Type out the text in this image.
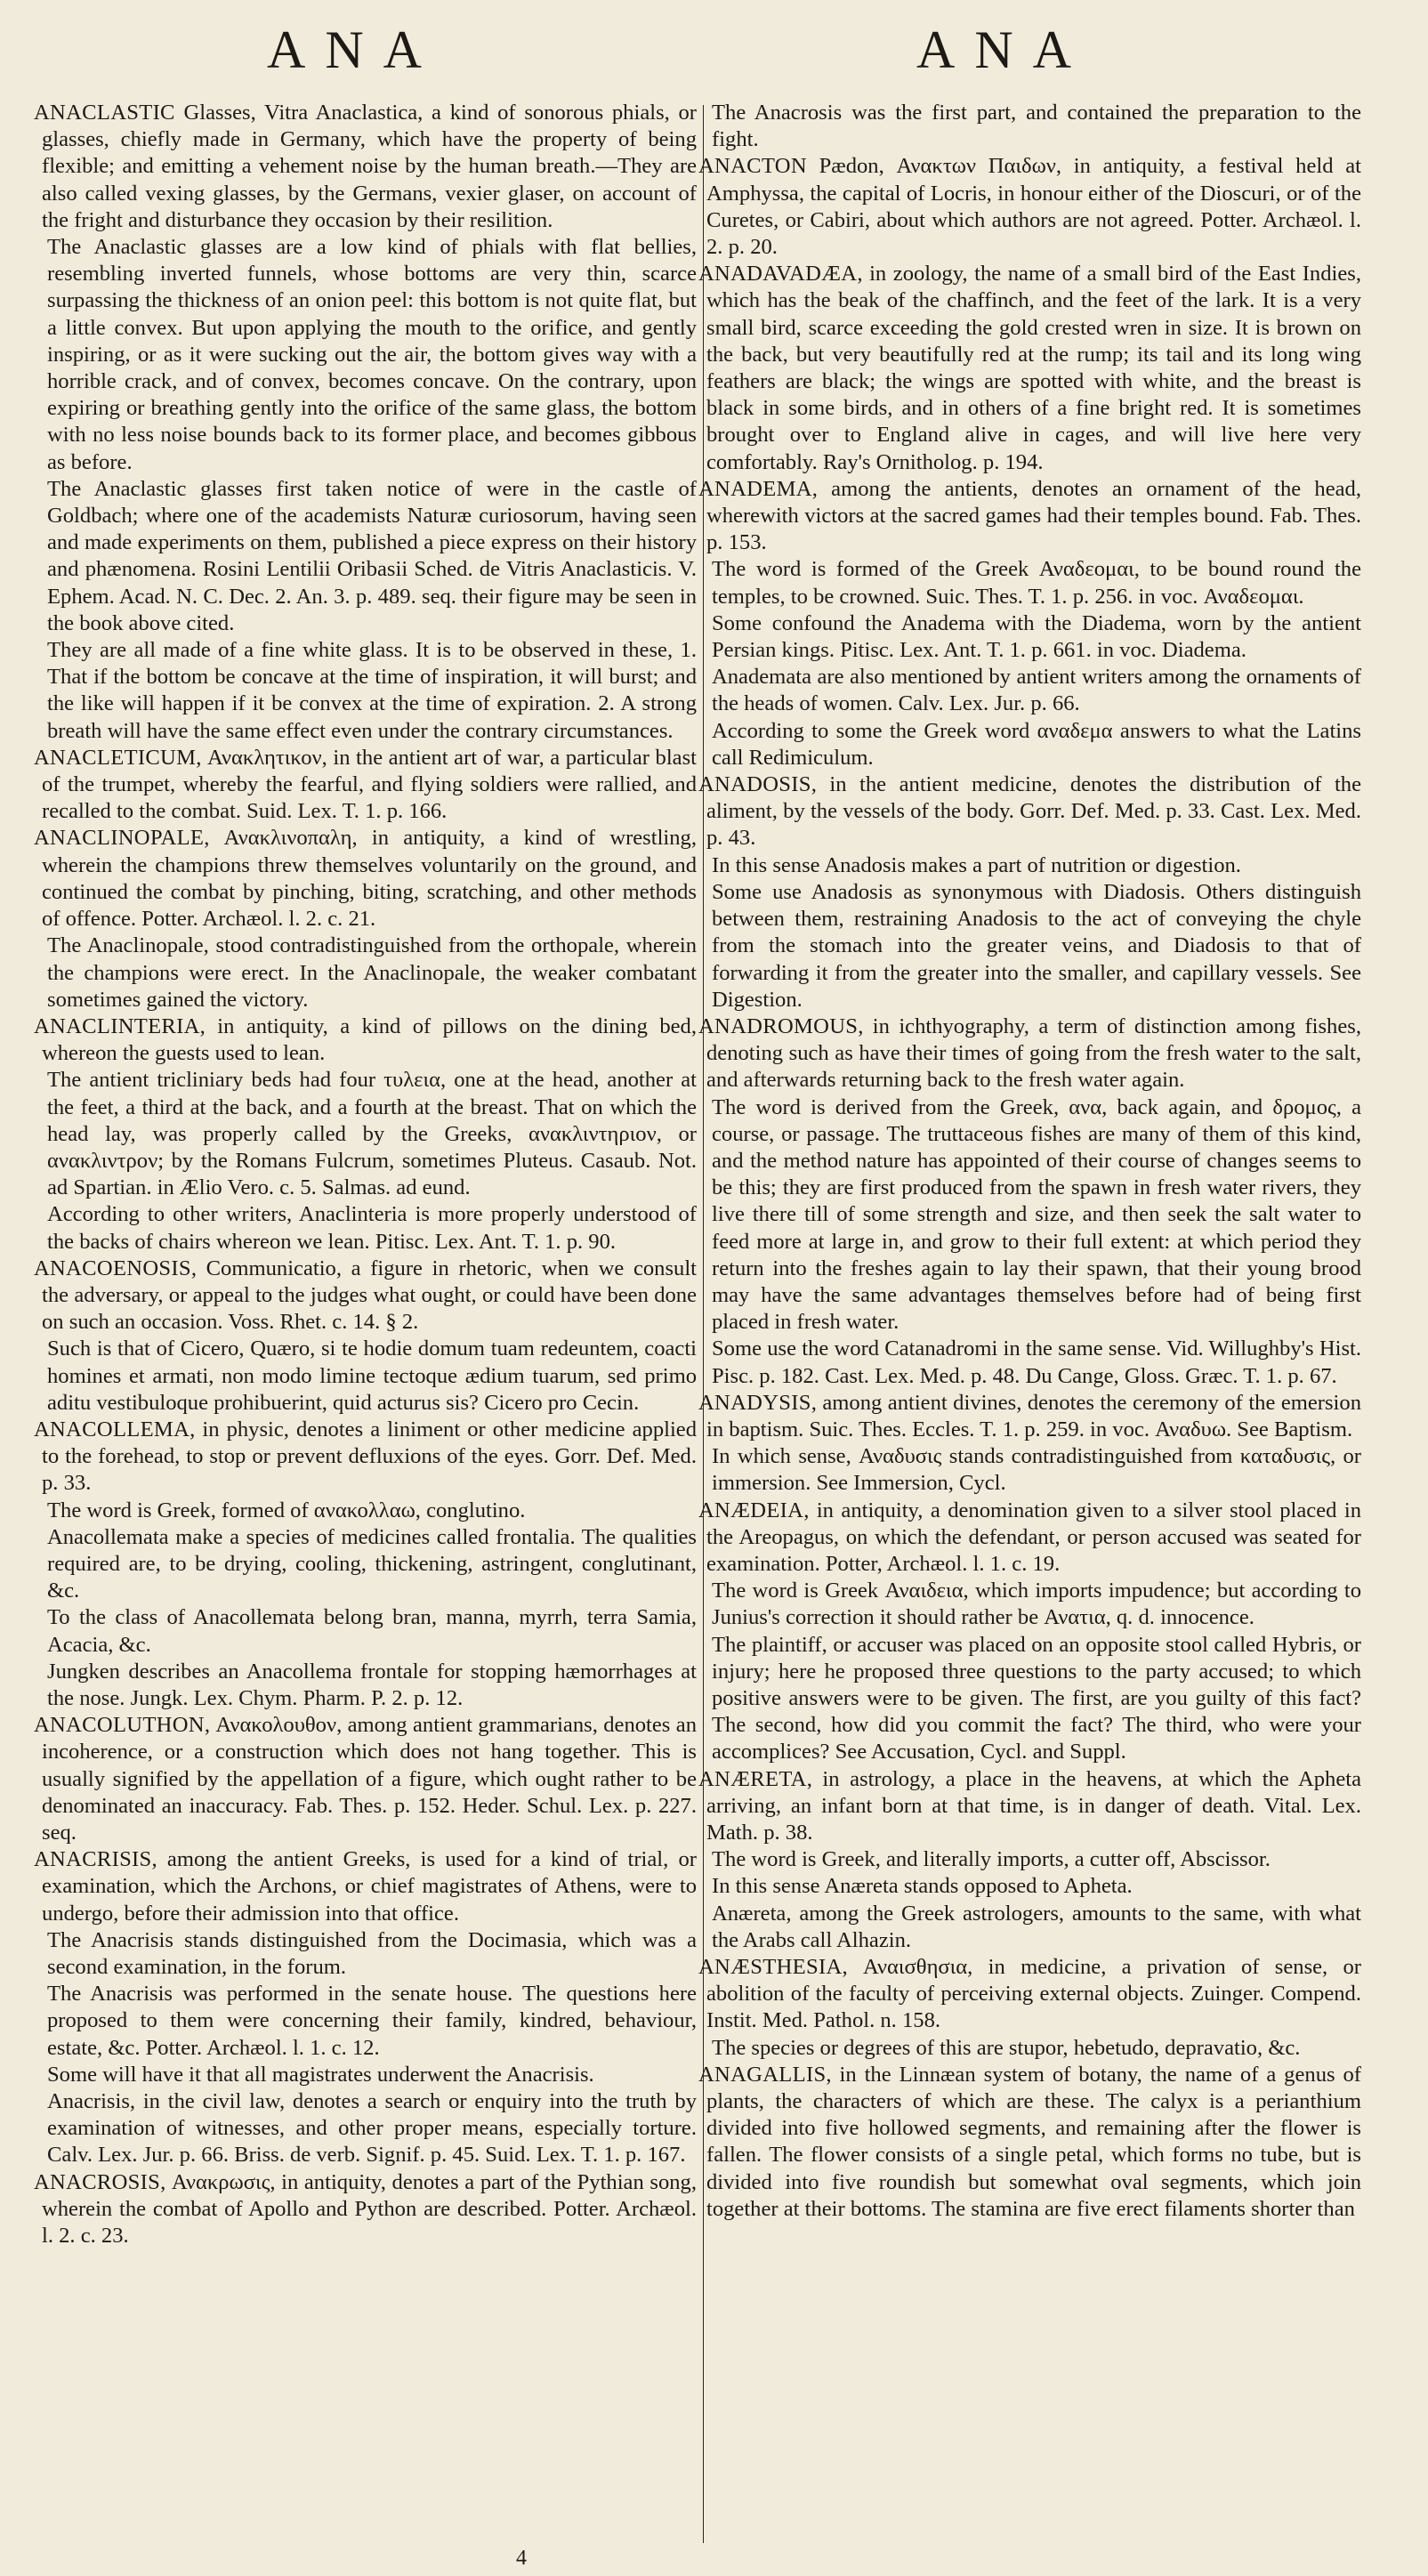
ANA	ANA

ANACLASTIC Glasses, Vitra Anaclastica, a kind of sonorous phials, or glasses, chiefly made in Germany, which have the property of being flexible; and emitting a vehement noise by the human breath.—They are also called vexing glasses, by the Germans, vexier glaser, on account of the fright and disturbance they occasion by their resilition.

The Anaclastic glasses are a low kind of phials with flat bellies, resembling inverted funnels, whose bottoms are very thin, scarce surpassing the thickness of an onion peel: this bottom is not quite flat, but a little convex. But upon applying the mouth to the orifice, and gently inspiring, or as it were sucking out the air, the bottom gives way with a horrible crack, and of convex, becomes concave. On the contrary, upon expiring or breathing gently into the orifice of the same glass, the bottom with no less noise bounds back to its former place, and becomes gibbous as before.

The Anaclastic glasses first taken notice of were in the castle of Goldbach; where one of the academists Naturæ curiosorum, having seen and made experiments on them, published a piece express on their history and phænomena. Rosini Lentilii Oribasii Sched. de Vitris Anaclasticis. V. Ephem. Acad. N. C. Dec. 2. An. 3. p. 489. seq. their figure may be seen in the book above cited.

They are all made of a fine white glass. It is to be observed in these, 1. That if the bottom be concave at the time of inspiration, it will burst; and the like will happen if it be convex at the time of expiration. 2. A strong breath will have the same effect even under the contrary circumstances.

ANACLETICUM, Ανακλητικον, in the antient art of war, a particular blast of the trumpet, whereby the fearful, and flying soldiers were rallied, and recalled to the combat. Suid. Lex. T. 1. p. 166.

ANACLINOPALE, Ανακλινοπαλη, in antiquity, a kind of wrestling, wherein the champions threw themselves voluntarily on the ground, and continued the combat by pinching, biting, scratching, and other methods of offence. Potter. Archæol. l. 2. c. 21.

The Anaclinopale, stood contradistinguished from the orthopale, wherein the champions were erect. In the Anaclinopale, the weaker combatant sometimes gained the victory.

ANACLINTERIA, in antiquity, a kind of pillows on the dining bed, whereon the guests used to lean.

The antient tricliniary beds had four τυλεια, one at the head, another at the feet, a third at the back, and a fourth at the breast. That on which the head lay, was properly called by the Greeks, ανακλιντηριον, or ανακλιντρον; by the Romans Fulcrum, sometimes Pluteus. Casaub. Not. ad Spartian. in Ælio Vero. c. 5. Salmas. ad eund.

According to other writers, Anaclinteria is more properly understood of the backs of chairs whereon we lean. Pitisc. Lex. Ant. T. 1. p. 90.

ANACOENOSIS, Communicatio, a figure in rhetoric, when we consult the adversary, or appeal to the judges what ought, or could have been done on such an occasion. Voss. Rhet. c. 14. § 2.

Such is that of Cicero, Quæro, si te hodie domum tuam redeuntem, coacti homines et armati, non modo limine tectoque ædium tuarum, sed primo aditu vestibuloque prohibuerint, quid acturus sis? Cicero pro Cecin.

ANACOLLEMA, in physic, denotes a liniment or other medicine applied to the forehead, to stop or prevent defluxions of the eyes. Gorr. Def. Med. p. 33.

The word is Greek, formed of ανακολλαω, conglutino.

Anacollemata make a species of medicines called frontalia. The qualities required are, to be drying, cooling, thickening, astringent, conglutinant, &c.

To the class of Anacollemata belong bran, manna, myrrh, terra Samia, Acacia, &c.

Jungken describes an Anacollema frontale for stopping hæmorrhages at the nose. Jungk. Lex. Chym. Pharm. P. 2. p. 12.

ANACOLUTHON, Ανακολουθον, among antient grammarians, denotes an incoherence, or a construction which does not hang together. This is usually signified by the appellation of a figure, which ought rather to be denominated an inaccuracy. Fab. Thes. p. 152. Heder. Schul. Lex. p. 227. seq.

ANACRISIS, among the antient Greeks, is used for a kind of trial, or examination, which the Archons, or chief magistrates of Athens, were to undergo, before their admission into that office.

The Anacrisis stands distinguished from the Docimasia, which was a second examination, in the forum.

The Anacrisis was performed in the senate house. The questions here proposed to them were concerning their family, kindred, behaviour, estate, &c. Potter. Archæol. l. 1. c. 12.

Some will have it that all magistrates underwent the Anacrisis.

Anacrisis, in the civil law, denotes a search or enquiry into the truth by examination of witnesses, and other proper means, especially torture. Calv. Lex. Jur. p. 66. Briss. de verb. Signif. p. 45. Suid. Lex. T. 1. p. 167.

ANACROSIS, Ανακρωσις, in antiquity, denotes a part of the Pythian song, wherein the combat of Apollo and Python are described. Potter. Archæol. l. 2. c. 23.

The Anacrosis was the first part, and contained the preparation to the fight.

ANACTON Pædon, Ανακτων Παιδων, in antiquity, a festival held at Amphyssa, the capital of Locris, in honour either of the Dioscuri, or of the Curetes, or Cabiri, about which authors are not agreed. Potter. Archæol. l. 2. p. 20.

ANADAVADÆA, in zoology, the name of a small bird of the East Indies, which has the beak of the chaffinch, and the feet of the lark. It is a very small bird, scarce exceeding the gold crested wren in size. It is brown on the back, but very beautifully red at the rump; its tail and its long wing feathers are black; the wings are spotted with white, and the breast is black in some birds, and in others of a fine bright red. It is sometimes brought over to England alive in cages, and will live here very comfortably. Ray's Ornitholog. p. 194.

ANADEMA, among the antients, denotes an ornament of the head, wherewith victors at the sacred games had their temples bound. Fab. Thes. p. 153.

The word is formed of the Greek Αναδεομαι, to be bound round the temples, to be crowned. Suic. Thes. T. 1. p. 256. in voc. Αναδεομαι.

Some confound the Anadema with the Diadema, worn by the antient Persian kings. Pitisc. Lex. Ant. T. 1. p. 661. in voc. Diadema.

Anademata are also mentioned by antient writers among the ornaments of the heads of women. Calv. Lex. Jur. p. 66.

According to some the Greek word αναδεμα answers to what the Latins call Redimiculum.

ANADOSIS, in the antient medicine, denotes the distribution of the aliment, by the vessels of the body. Gorr. Def. Med. p. 33. Cast. Lex. Med. p. 43.

In this sense Anadosis makes a part of nutrition or digestion.

Some use Anadosis as synonymous with Diadosis. Others distinguish between them, restraining Anadosis to the act of conveying the chyle from the stomach into the greater veins, and Diadosis to that of forwarding it from the greater into the smaller, and capillary vessels. See Digestion.

ANADROMOUS, in ichthyography, a term of distinction among fishes, denoting such as have their times of going from the fresh water to the salt, and afterwards returning back to the fresh water again.

The word is derived from the Greek, ανα, back again, and δρομος, a course, or passage. The truttaceous fishes are many of them of this kind, and the method nature has appointed of their course of changes seems to be this; they are first produced from the spawn in fresh water rivers, they live there till of some strength and size, and then seek the salt water to feed more at large in, and grow to their full extent: at which period they return into the freshes again to lay their spawn, that their young brood may have the same advantages themselves before had of being first placed in fresh water.

Some use the word Catanadromi in the same sense. Vid. Willughby's Hist. Pisc. p. 182. Cast. Lex. Med. p. 48. Du Cange, Gloss. Græc. T. 1. p. 67.

ANADYSIS, among antient divines, denotes the ceremony of the emersion in baptism. Suic. Thes. Eccles. T. 1. p. 259. in voc. Αναδυω. See Baptism.

In which sense, Αναδυσις stands contradistinguished from καταδυσις, or immersion. See Immersion, Cycl.

ANÆDEIA, in antiquity, a denomination given to a silver stool placed in the Areopagus, on which the defendant, or person accused was seated for examination. Potter, Archæol. l. 1. c. 19.

The word is Greek Αναιδεια, which imports impudence; but according to Junius's correction it should rather be Ανατια, q. d. innocence.

The plaintiff, or accuser was placed on an opposite stool called Hybris, or injury; here he proposed three questions to the party accused; to which positive answers were to be given. The first, are you guilty of this fact? The second, how did you commit the fact? The third, who were your accomplices? See Accusation, Cycl. and Suppl.

ANÆRETA, in astrology, a place in the heavens, at which the Apheta arriving, an infant born at that time, is in danger of death. Vital. Lex. Math. p. 38.

The word is Greek, and literally imports, a cutter off, Abscissor.

In this sense Anæreta stands opposed to Apheta.

Anæreta, among the Greek astrologers, amounts to the same, with what the Arabs call Alhazin.

ANÆSTHESIA, Αναισθησια, in medicine, a privation of sense, or abolition of the faculty of perceiving external objects. Zuinger. Compend. Instit. Med. Pathol. n. 158.

The species or degrees of this are stupor, hebetudo, depravatio, &c.

ANAGALLIS, in the Linnæan system of botany, the name of a genus of plants, the characters of which are these. The calyx is a perianthium divided into five hollowed segments, and remaining after the flower is fallen. The flower consists of a single petal, which forms no tube, but is divided into five roundish but somewhat oval segments, which join together at their bottoms. The stamina are five erect filaments shorter than

4
